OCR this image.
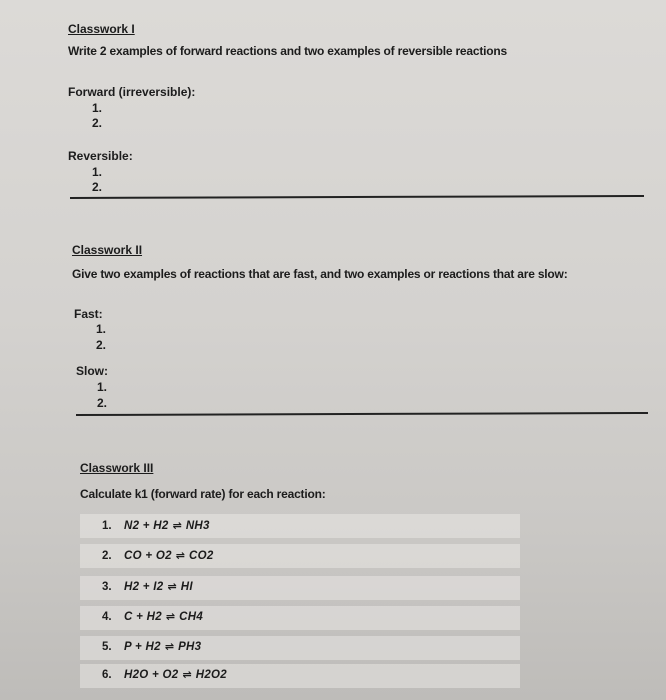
Classwork I
Write 2 examples of forward reactions and two examples of reversible reactions
Forward (irreversible):
1.
2.
Reversible:
1.
2.
Classwork II
Give two examples of reactions that are fast, and two examples or reactions that are slow:
Fast:
1.
2.
Slow:
1.
2.
Classwork III
Calculate k1 (forward rate) for each reaction:
1. N2 + H2 ⇌ NH3
2. CO + O2 ⇌ CO2
3. H2 + I2 ⇌ HI
4. C + H2 ⇌ CH4
5. P + H2 ⇌ PH3
6. H2O + O2 ⇌ H2O2
